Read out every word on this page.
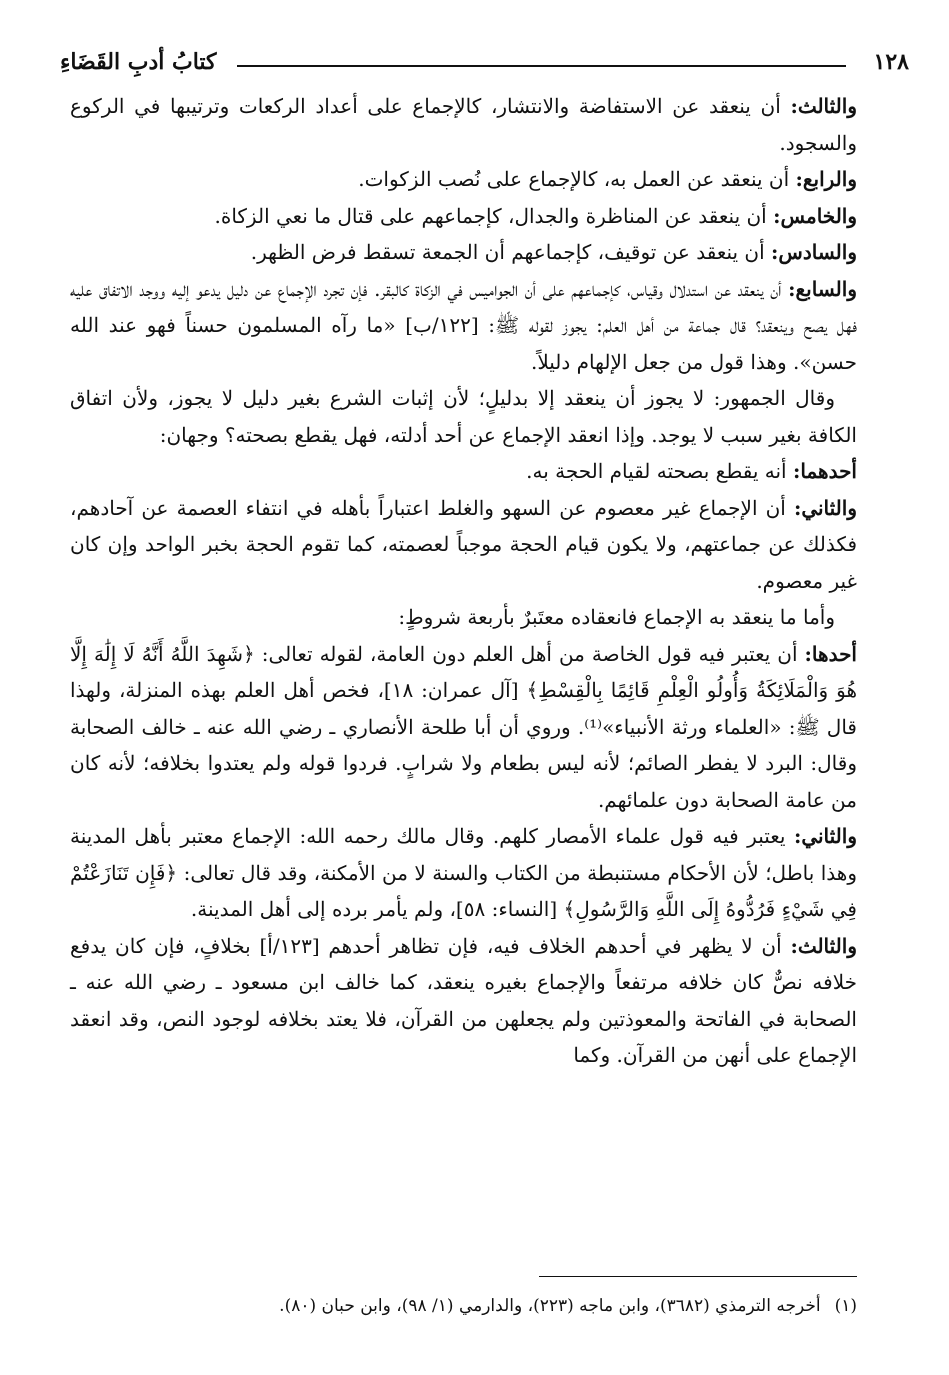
١٢٨
كتابُ أدبِ القَضَاءِ

والثالث: أن ينعقد عن الاستفاضة والانتشار، كالإجماع على أعداد الركعات وترتيبها في الركوع والسجود.

والرابع: أن ينعقد عن العمل به، كالإجماع على نُصب الزكوات.

والخامس: أن ينعقد عن المناظرة والجدال، كإجماعهم على قتال ما نعي الزكاة.

والسادس: أن ينعقد عن توقيف، كإجماعهم أن الجمعة تسقط فرض الظهر.

والسابع: أن ينعقد عن استدلال وقياس، كإجماعهم على أن الجواميس في الزكاة كالبقر. فإن تجرد الإجماع عن دليل يدعو إليه ووجد الاتفاق عليه فهل يصح وينعقد؟ قال جماعة من أهل العلم: يجوز لقوله ﷺ: [١٢٢/ب] «ما رآه المسلمون حسناً فهو عند الله حسن». وهذا قول من جعل الإلهام دليلاً.

وقال الجمهور: لا يجوز أن ينعقد إلا بدليلٍ؛ لأن إثبات الشرع بغير دليل لا يجوز، ولأن اتفاق الكافة بغير سبب لا يوجد. وإذا انعقد الإجماع عن أحد أدلته، فهل يقطع بصحته؟ وجهان:

أحدهما: أنه يقطع بصحته لقيام الحجة به.

والثاني: أن الإجماع غير معصوم عن السهو والغلط اعتباراً بأهله في انتفاء العصمة عن آحادهم، فكذلك عن جماعتهم، ولا يكون قيام الحجة موجباً لعصمته، كما تقوم الحجة بخبر الواحد وإن كان غير معصوم.

وأما ما ينعقد به الإجماع فانعقاده معتَبرٌ بأربعة شروطٍ:

أحدها: أن يعتبر فيه قول الخاصة من أهل العلم دون العامة، لقوله تعالى: ﴿شَهِدَ اللَّهُ أَنَّهُ لَا إِلَٰهَ إِلَّا هُوَ وَالْمَلَائِكَةُ وَأُولُو الْعِلْمِ قَائِمًا بِالْقِسْطِ﴾ [آل عمران: ١٨]، فخص أهل العلم بهذه المنزلة، ولهذا قال ﷺ: «العلماء ورثة الأنبياء»⁽¹⁾. وروي أن أبا طلحة الأنصاري ـ رضي الله عنه ـ خالف الصحابة وقال: البرد لا يفطر الصائم؛ لأنه ليس بطعام ولا شرابٍ. فردوا قوله ولم يعتدوا بخلافه؛ لأنه كان من عامة الصحابة دون علمائهم.

والثاني: يعتبر فيه قول علماء الأمصار كلهم. وقال مالك رحمه الله: الإجماع معتبر بأهل المدينة وهذا باطل؛ لأن الأحكام مستنبطة من الكتاب والسنة لا من الأمكنة، وقد قال تعالى: ﴿فَإِن تَنَازَعْتُمْ فِي شَيْءٍ فَرُدُّوهُ إِلَى اللَّهِ وَالرَّسُولِ﴾ [النساء: ٥٨]، ولم يأمر برده إلى أهل المدينة.

والثالث: أن لا يظهر في أحدهم الخلاف فيه، فإن تظاهر أحدهم [١٢٣/أ] بخلافٍ، فإن كان يدفع خلافه نصٌّ كان خلافه مرتفعاً والإجماع بغيره ينعقد، كما خالف ابن مسعود ـ رضي الله عنه ـ الصحابة في الفاتحة والمعوذتين ولم يجعلهن من القرآن، فلا يعتد بخلافه لوجود النص، وقد انعقد الإجماع على أنهن من القرآن. وكما

(١)أخرجه الترمذي (٣٦٨٢)، وابن ماجه (٢٢٣)، والدارمي (١/ ٩٨)، وابن حبان (٨٠).
